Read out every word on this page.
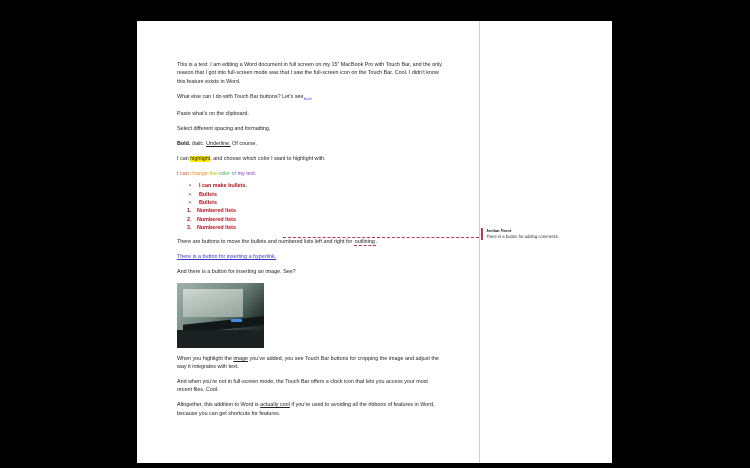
This is a test. I am editing a Word document in full screen on my 15” MacBook Pro with Touch Bar, and the only reason that I got into full-screen mode was that I saw the full-screen icon on the Touch Bar. Cool. I didn’t know this feature exists in Word.

What else can I do with Touch Bar buttons? Let’s see$_{Bold}$

Paste what’s on the clipboard.

Select different spacing and formatting.

Bold. Italic. Underline. Of course.

I can highlight, and choose which color I want to highlight with.

I can change the color of my text.

• I can make bullets.
• Bullets
• Bullets
1. Numbered lists
2. Numbered lists
3. Numbered lists

There are buttons to move the bullets and numbered lists left and right for outlining.

There is a button for inserting a hyperlink.

And there is a button for inserting an image. See?

When you highlight the image you’ve added, you see Touch Bar buttons for cropping the image and adjust the way it integrates with text.

And when you’re not in full-screen mode, the Touch Bar offers a clock icon that lets you access your most recent files. Cool.

Altogether, this addition to Word is actually cool if you’re used to avoiding all the ribbons of features in Word, because you can get shortcuts for features.

Jordan Novet
There is a button for adding comments.
